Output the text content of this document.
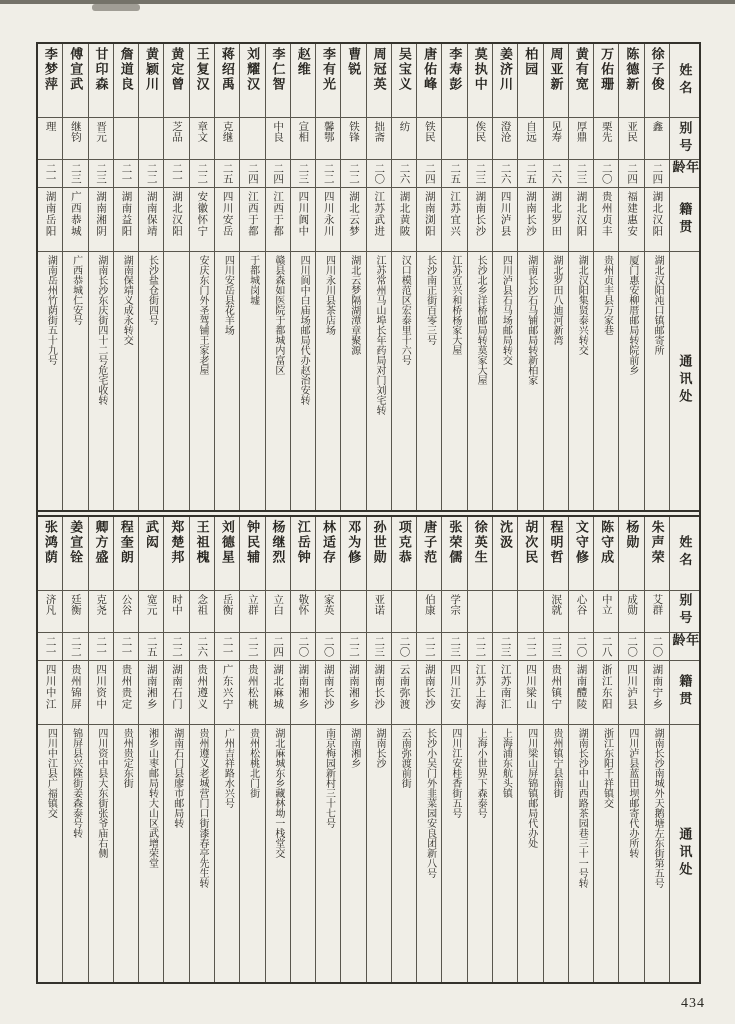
姓名
别号
年龄
籍贯
通讯处
徐子俊
鑫
二四
湖北汉阳
湖北汉阳沌口镇邮寄所
陈德新
亚民
二四
福建惠安
厦门惠安柳厝邮局转院前乡
万佑珊
栗先
二〇
贵州贞丰
贵州贞丰县万家巷
黄有宽
厚鼎
二三
湖北汉阳
湖北汉阳集贤泰兴转交
周亚新
见寿
二六
湖北罗田
湖北罗田八迪河新湾
柏园
自远
二五
湖南长沙
湖南长沙石马铺邮局转新柏家
姜济川
澄沧
二六
四川泸县
四川泸县石马场邮局转交
莫执中
俟民
二三
湖南长沙
长沙北乡洋桥邮局转莫家大屋
李寿彭
二五
江苏宜兴
江苏宜兴和桥杨家大屋
唐佑峰
铁民
二四
湖南浏阳
长沙南正街百零三号
吴宝义
纺
二六
湖北黄陂
汉口模范区宏泰里十六号
周冠英
拙斋
二〇
江苏武进
江苏常州马山埠长年药局对门刘宅转
曹锐
铁锋
二二
湖北云梦
湖北云梦隔湖潭章聚源
李有光
馨鄂
二二
四川永川
四川永川县茶店场
赵维
宣相
二三
四川阆中
四川阆中白庙场邮局代办赵治安转
李仁智
中良
二四
江西于都
赣县森如医院于都城内富区
刘耀汉
二四
江西于都
于都城岗墟
蒋绍禹
克继
二五
四川安岳
四川安岳县花羊场
王复汉
章文
二二
安徽怀宁
安庆东门外圣驾铺王家老屋
黄定曾
芝品
二一
湖北汉阳
黄颖川
二二
湖南保靖
长沙盐仓街四号
詹道良
二一
湖南益阳
湖南保靖义成永转交
甘印森
晋元
二三
湖南湘阴
湖南长沙东庆街四十二号危宅收转
傅宣武
继钧
二三
广西恭城
广西恭城仁安号
李梦萍
理
二一
湖南岳阳
湖南岳州竹荫街五十九号
姓名
别号
年龄
籍贯
通讯处
朱声荣
艾群
二〇
湖南宁乡
湖南长沙南城外天鹅塘左东街第五号
杨勋
成勋
二〇
四川泸县
四川泸县蓝田坝邮寄代办所转
陈守成
中立
二八
浙江东阳
浙江东阳千祥镇交
文守修
心谷
二〇
湖南醴陵
湖南长沙中山西路茶园巷三十一号转
程明哲
泯就
二三
贵州镇宁
贵州镇宁县南街
胡次民
二二
四川梁山
四川梁山屏锦镇邮局代办处
沈汲
二三
江苏南汇
上海浦东航头镇
徐英生
二二
江苏上海
上海小世界下森泰号
张荣儒
学宗
二三
四川江安
四川江安桂香街五号
唐子范
伯康
二二
湖南长沙
长沙小吴门外韭菜园安良团新八号
项克恭
二〇
云南弥渡
云南弥渡前街
孙世勋
亚诺
二三
湖南长沙
湖南长沙
邓为修
二二
湖南湘乡
湖南湘乡
林适存
家英
二〇
湖南长沙
南京梅园新村三十七号
江岳钟
敬怀
二〇
湖南湘乡
杨继烈
立白
二四
湖北麻城
湖北麻城东乡藏林坳一栈堂交
钟民辅
立群
二二
贵州松桃
贵州松桃北门街
刘德星
岳衡
二一
广东兴宁
广州吉祥路水兴号
王祖槐
念祖
二六
贵州遵义
贵州遵义老城营门口街漆春亭先生转
郑楚邦
时中
二二
湖南石门
湖南石门县廖市邮局转
武闳
宽元
二五
湖南湘乡
湘乡山枣邮局转大山区武增荣堂
程奎朗
公谷
二一
贵州贵定
贵州贵定东街
卿方盛
克尧
二一
四川资中
四川资中县大东街张爷庙右侧
姜宣铨
廷衡
二二
贵州锦屏
锦屏县兴隆街姜森泰号转
张鸿荫
济凡
二一
四川中江
四川中江县广福镇交
434
